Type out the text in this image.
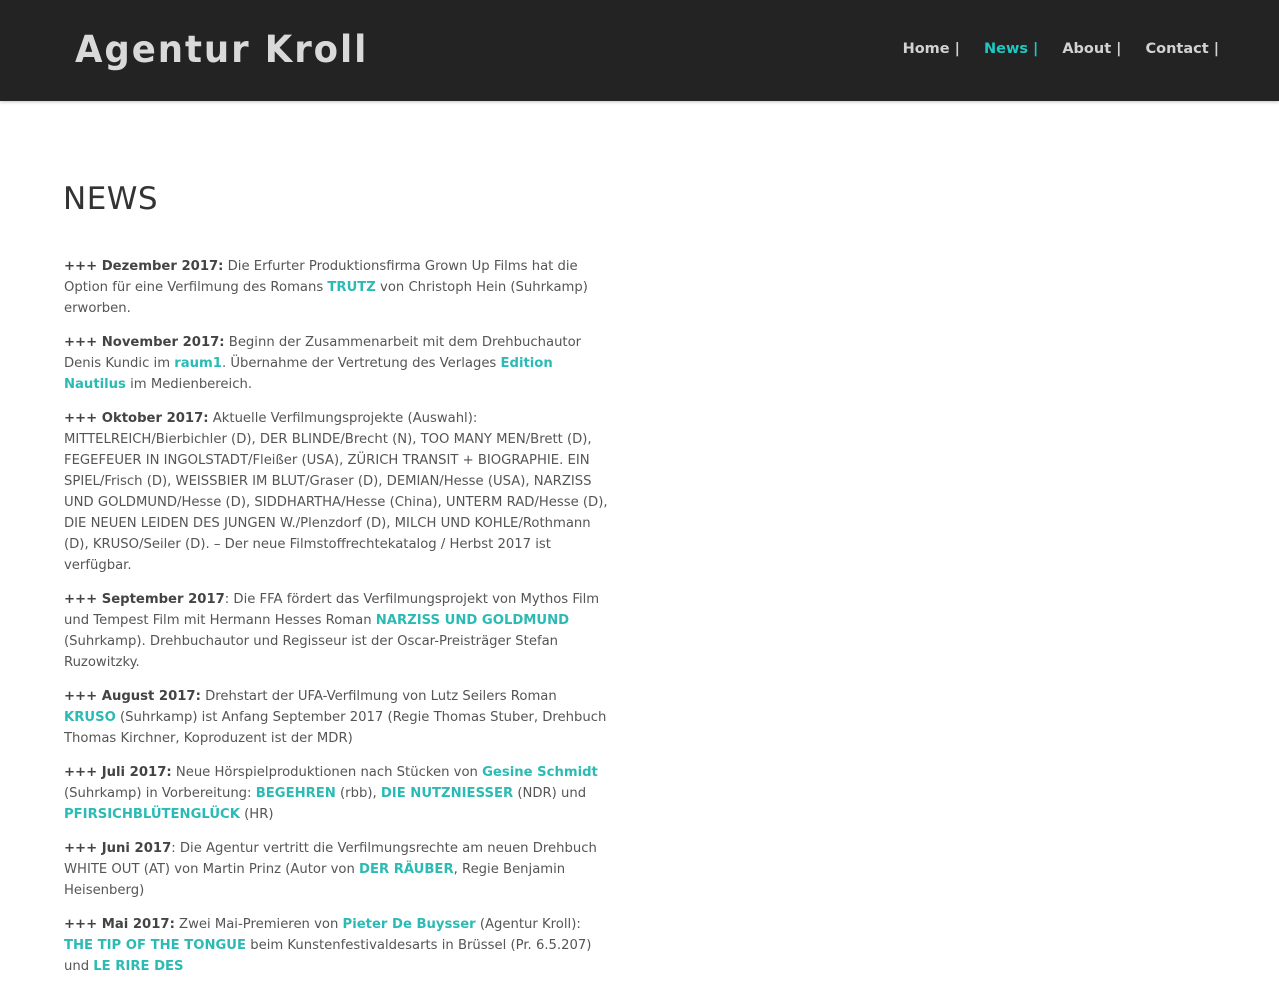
Agentur Kroll	Home | News | About | Contact |
NEWS

+++ Dezember 2017: Die Erfurter Produktionsfirma Grown Up Films hat die Option für eine Verfilmung des Romans TRUTZ von Christoph Hein (Suhrkamp) erworben.

+++ November 2017: Beginn der Zusammenarbeit mit dem Drehbuchautor Denis Kundic im raum1. Übernahme der Vertretung des Verlages Edition Nautilus im Medienbereich.

+++ Oktober 2017: Aktuelle Verfilmungsprojekte (Auswahl): MITTELREICH/Bierbichler (D), DER BLINDE/Brecht (N), TOO MANY MEN/Brett (D), FEGEFEUER IN INGOLSTADT/Fleißer (USA), ZÜRICH TRANSIT + BIOGRAPHIE. EIN SPIEL/Frisch (D), WEISSBIER IM BLUT/Graser (D), DEMIAN/Hesse (USA), NARZISS UND GOLDMUND/Hesse (D), SIDDHARTHA/Hesse (China), UNTERM RAD/Hesse (D), DIE NEUEN LEIDEN DES JUNGEN W./Plenzdorf (D), MILCH UND KOHLE/Rothmann (D), KRUSO/Seiler (D). – Der neue Filmstoffrechtekatalog / Herbst 2017 ist verfügbar.

+++ September 2017: Die FFA fördert das Verfilmungsprojekt von Mythos Film und Tempest Film mit Hermann Hesses Roman NARZISS UND GOLDMUND (Suhrkamp). Drehbuchautor und Regisseur ist der Oscar-Preisträger Stefan Ruzowitzky.

+++ August 2017: Drehstart der UFA-Verfilmung von Lutz Seilers Roman KRUSO (Suhrkamp) ist Anfang September 2017 (Regie Thomas Stuber, Drehbuch Thomas Kirchner, Koproduzent ist der MDR)

+++ Juli 2017: Neue Hörspielproduktionen nach Stücken von Gesine Schmidt (Suhrkamp) in Vorbereitung: BEGEHREN (rbb), DIE NUTZNIESSER (NDR) und PFIRSICHBLÜTENGLÜCK (HR)

+++ Juni 2017: Die Agentur vertritt die Verfilmungsrechte am neuen Drehbuch WHITE OUT (AT) von Martin Prinz (Autor von DER RÄUBER, Regie Benjamin Heisenberg)

+++ Mai 2017: Zwei Mai-Premieren von Pieter De Buysser (Agentur Kroll): THE TIP OF THE TONGUE beim Kunstenfestivaldesarts in Brüssel (Pr. 6.5.207) und LE RIRE DES
